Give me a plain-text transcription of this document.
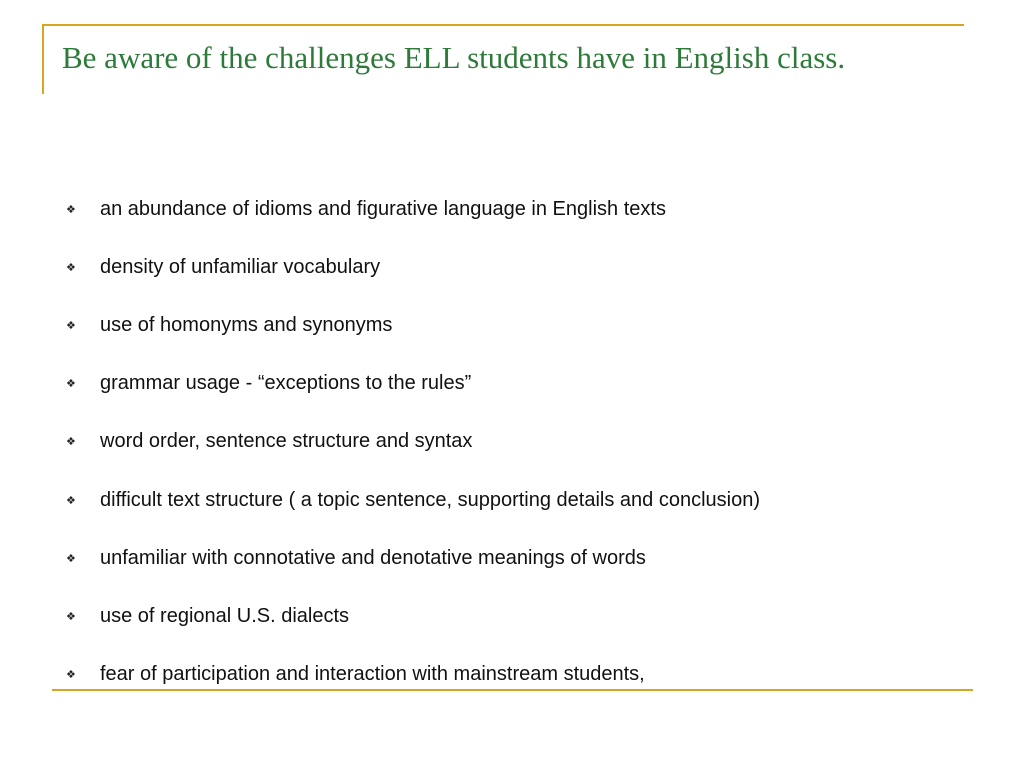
Be aware of the challenges ELL students have in English class.
❖	an abundance of idioms and figurative language in English texts
❖	density of unfamiliar vocabulary
❖	use of homonyms and synonyms
❖	grammar usage - “exceptions to the rules”
❖	word order, sentence structure and syntax
❖	difficult text structure ( a topic sentence, supporting details and conclusion)
❖	unfamiliar with connotative and denotative meanings of words
❖	use of regional U.S. dialects
❖	fear of participation and interaction with mainstream students,
